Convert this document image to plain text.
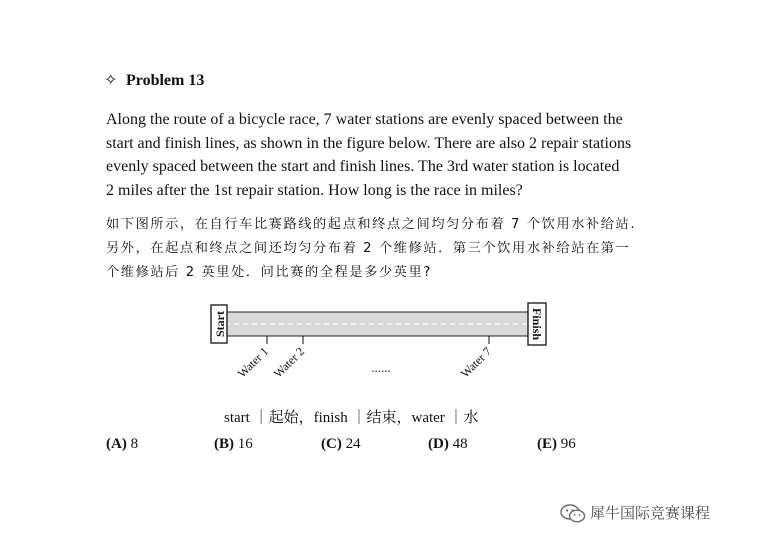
✧ Problem 13
Along the route of a bicycle race, 7 water stations are evenly spaced between the
start and finish lines, as shown in the figure below. There are also 2 repair stations
evenly spaced between the start and finish lines. The 3rd water station is located
2 miles after the 1st repair station. How long is the race in miles?
如下图所示，在自行车比赛路线的起点和终点之间均匀分布着 7 个饮用水补给站.
另外，在起点和终点之间还均匀分布着 2 个维修站．第三个饮用水补给站在第一
个维修站后 2 英里处．问比赛的全程是多少英里?
Start	Finish
Water 1 Water 2	Water 7
......
start ｜起始，finish ｜结束，water ｜水
(A) 8	(B) 16	(C) 24	(D) 48	(E) 96
犀牛国际竞赛课程
